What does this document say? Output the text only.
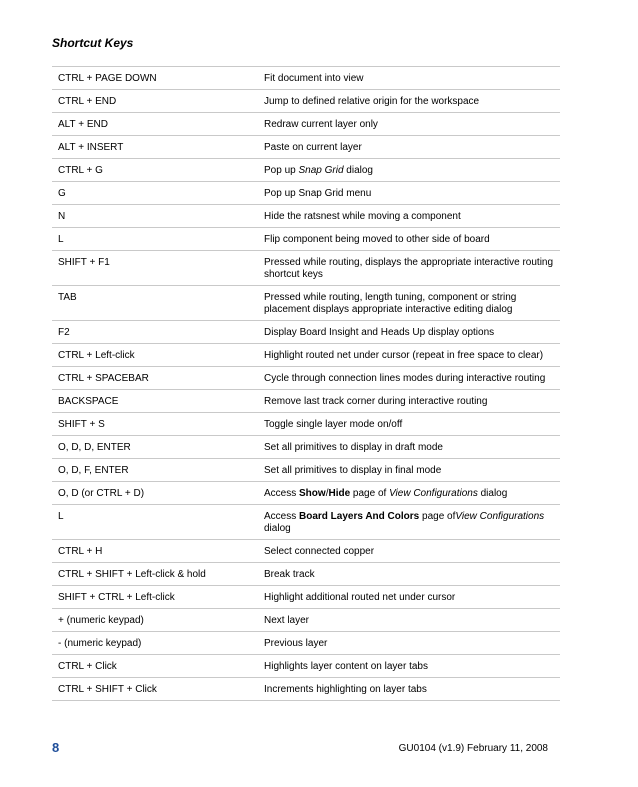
Shortcut Keys
CTRL + PAGE DOWN	Fit document into view
CTRL + END	Jump to defined relative origin for the workspace
ALT + END	Redraw current layer only
ALT + INSERT	Paste on current layer
CTRL + G	Pop up Snap Grid dialog
G	Pop up Snap Grid menu
N	Hide the ratsnest while moving a component
L	Flip component being moved to other side of board
SHIFT + F1	Pressed while routing, displays the appropriate interactive routing shortcut keys
TAB	Pressed while routing, length tuning, component or string placement displays appropriate interactive editing dialog
F2	Display Board Insight and Heads Up display options
CTRL + Left-click	Highlight routed net under cursor (repeat in free space to clear)
CTRL + SPACEBAR	Cycle through connection lines modes during interactive routing
BACKSPACE	Remove last track corner during interactive routing
SHIFT + S	Toggle single layer mode on/off
O, D, D, ENTER	Set all primitives to display in draft mode
O, D, F, ENTER	Set all primitives to display in final mode
O, D (or CTRL + D)	Access Show/Hide page of View Configurations dialog
L	Access Board Layers And Colors page ofView Configurations dialog
CTRL + H	Select connected copper
CTRL + SHIFT + Left-click & hold	Break track
SHIFT + CTRL + Left-click	Highlight additional routed net under cursor
+ (numeric keypad)	Next layer
- (numeric keypad)	Previous layer
CTRL + Click	Highlights layer content on layer tabs
CTRL + SHIFT + Click	Increments highlighting on layer tabs
8	GU0104 (v1.9) February 11, 2008
